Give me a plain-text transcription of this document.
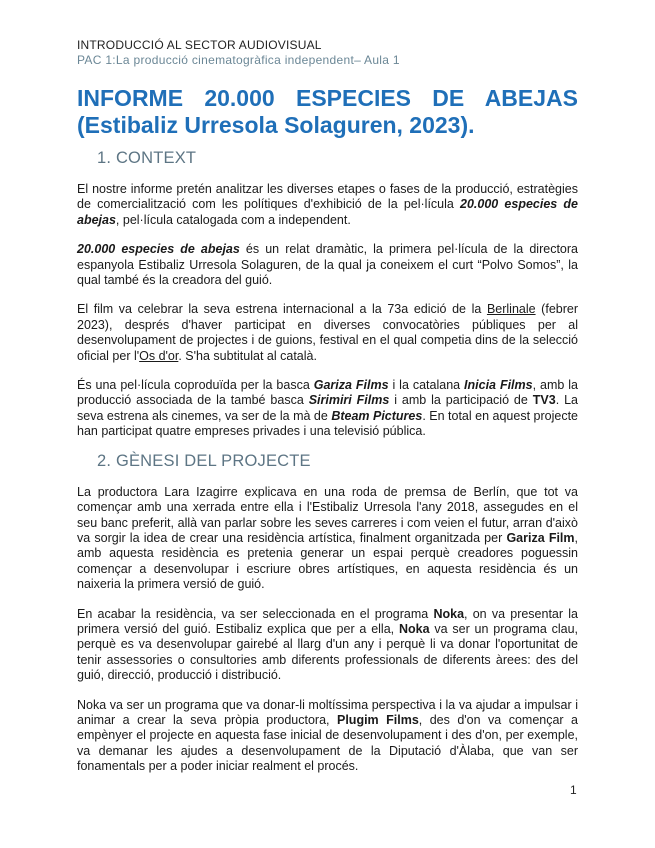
INTRODUCCIÓ AL SECTOR AUDIOVISUAL
PAC 1:La producció cinematogràfica independent– Aula 1
INFORME 20.000 ESPECIES DE ABEJAS
(Estibaliz Urresola Solaguren, 2023).
1. CONTEXT

El nostre informe pretén analitzar les diverses etapes o fases de la producció, estratègies de comercialització com les polítiques d'exhibició de la pel·lícula 20.000 especies de abejas, pel·lícula catalogada com a independent.

20.000 especies de abejas és un relat dramàtic, la primera pel·lícula de la directora espanyola Estibaliz Urresola Solaguren, de la qual ja coneixem el curt “Polvo Somos”, la qual també és la creadora del guió.

El film va celebrar la seva estrena internacional a la 73a edició de la Berlinale (febrer 2023), després d'haver participat en diverses convocatòries públiques per al desenvolupament de projectes i de guions, festival en el qual competia dins de la selecció oficial per l'Os d'or. S'ha subtitulat al català.

És una pel·lícula coproduïda per la basca Gariza Films i la catalana Inicia Films, amb la producció associada de la també basca Sirimiri Films i amb la participació de TV3. La seva estrena als cinemes, va ser de la mà de Bteam Pictures. En total en aquest projecte han participat quatre empreses privades i una televisió pública.

2. GÈNESI DEL PROJECTE

La productora Lara Izagirre explicava en una roda de premsa de Berlín, que tot va començar amb una xerrada entre ella i l'Estibaliz Urresola l'any 2018, assegudes en el seu banc preferit, allà van parlar sobre les seves carreres i com veien el futur, arran d'això va sorgir la idea de crear una residència artística, finalment organitzada per Gariza Film, amb aquesta residència es pretenia generar un espai perquè creadores poguessin començar a desenvolupar i escriure obres artístiques, en aquesta residència és un naixeria la primera versió de guió.

En acabar la residència, va ser seleccionada en el programa Noka, on va presentar la primera versió del guió. Estibaliz explica que per a ella, Noka va ser un programa clau, perquè es va desenvolupar gairebé al llarg d'un any i perquè li va donar l'oportunitat de tenir assessories o consultories amb diferents professionals de diferents àrees: des del guió, direcció, producció i distribució.

Noka va ser un programa que va donar-li moltíssima perspectiva i la va ajudar a impulsar i animar a crear la seva pròpia productora, Plugim Films, des d'on va començar a empènyer el projecte en aquesta fase inicial de desenvolupament i des d'on, per exemple, va demanar les ajudes a desenvolupament de la Diputació d'Àlaba, que van ser fonamentals per a poder iniciar realment el procés.

1
